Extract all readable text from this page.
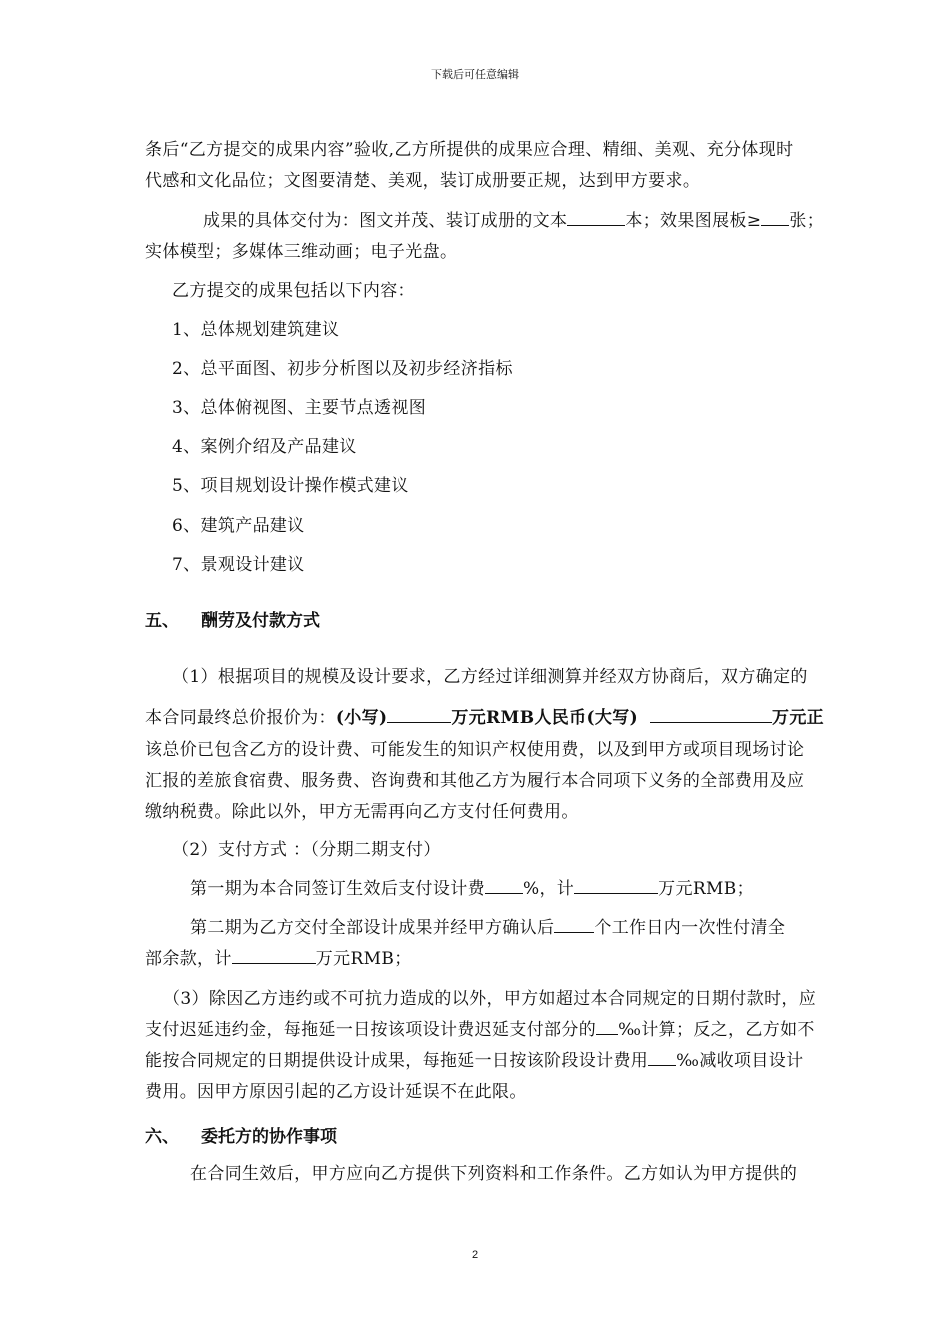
下载后可任意编辑
条后“乙方提交的成果内容”验收,乙方所提供的成果应合理、精细、美观、充分体现时
代感和文化品位；文图要清楚、美观，装订成册要正规，达到甲方要求。
成果的具体交付为：图文并茂、装订成册的文本	本；效果图展板≥ 张；
实体模型；多媒体三维动画；电子光盘。
乙方提交的成果包括以下内容：
1、总体规划建筑建议
2、总平面图、初步分析图以及初步经济指标
3、总体俯视图、主要节点透视图
4、案例介绍及产品建议
5、项目规划设计操作模式建议
6、建筑产品建议
7、景观设计建议
五、 酬劳及付款方式
（1）根据项目的规模及设计要求，乙方经过详细测算并经双方协商后，双方确定的
本合同最终总价报价为：(小写)	万元RMB人民币(大写)	万元正
该总价已包含乙方的设计费、可能发生的知识产权使用费，以及到甲方或项目现场讨论
汇报的差旅食宿费、服务费、咨询费和其他乙方为履行本合同项下义务的全部费用及应
缴纳税费。除此以外，甲方无需再向乙方支付任何费用。
（2）支付方式 ：（分期二期支付）
第一期为本合同签订生效后支付设计费 %，计	万元RMB；
第二期为乙方交付全部设计成果并经甲方确认后 个工作日内一次性付清全
部余款，计	万元RMB；
（3）除因乙方违约或不可抗力造成的以外，甲方如超过本合同规定的日期付款时，应
支付迟延违约金，每拖延一日按该项设计费迟延支付部分的 ‰计算；反之，乙方如不
能按合同规定的日期提供设计成果，每拖延一日按该阶段设计费用 ‰减收项目设计
费用。因甲方原因引起的乙方设计延误不在此限。
六、 委托方的协作事项
在合同生效后，甲方应向乙方提供下列资料和工作条件。乙方如认为甲方提供的
2
